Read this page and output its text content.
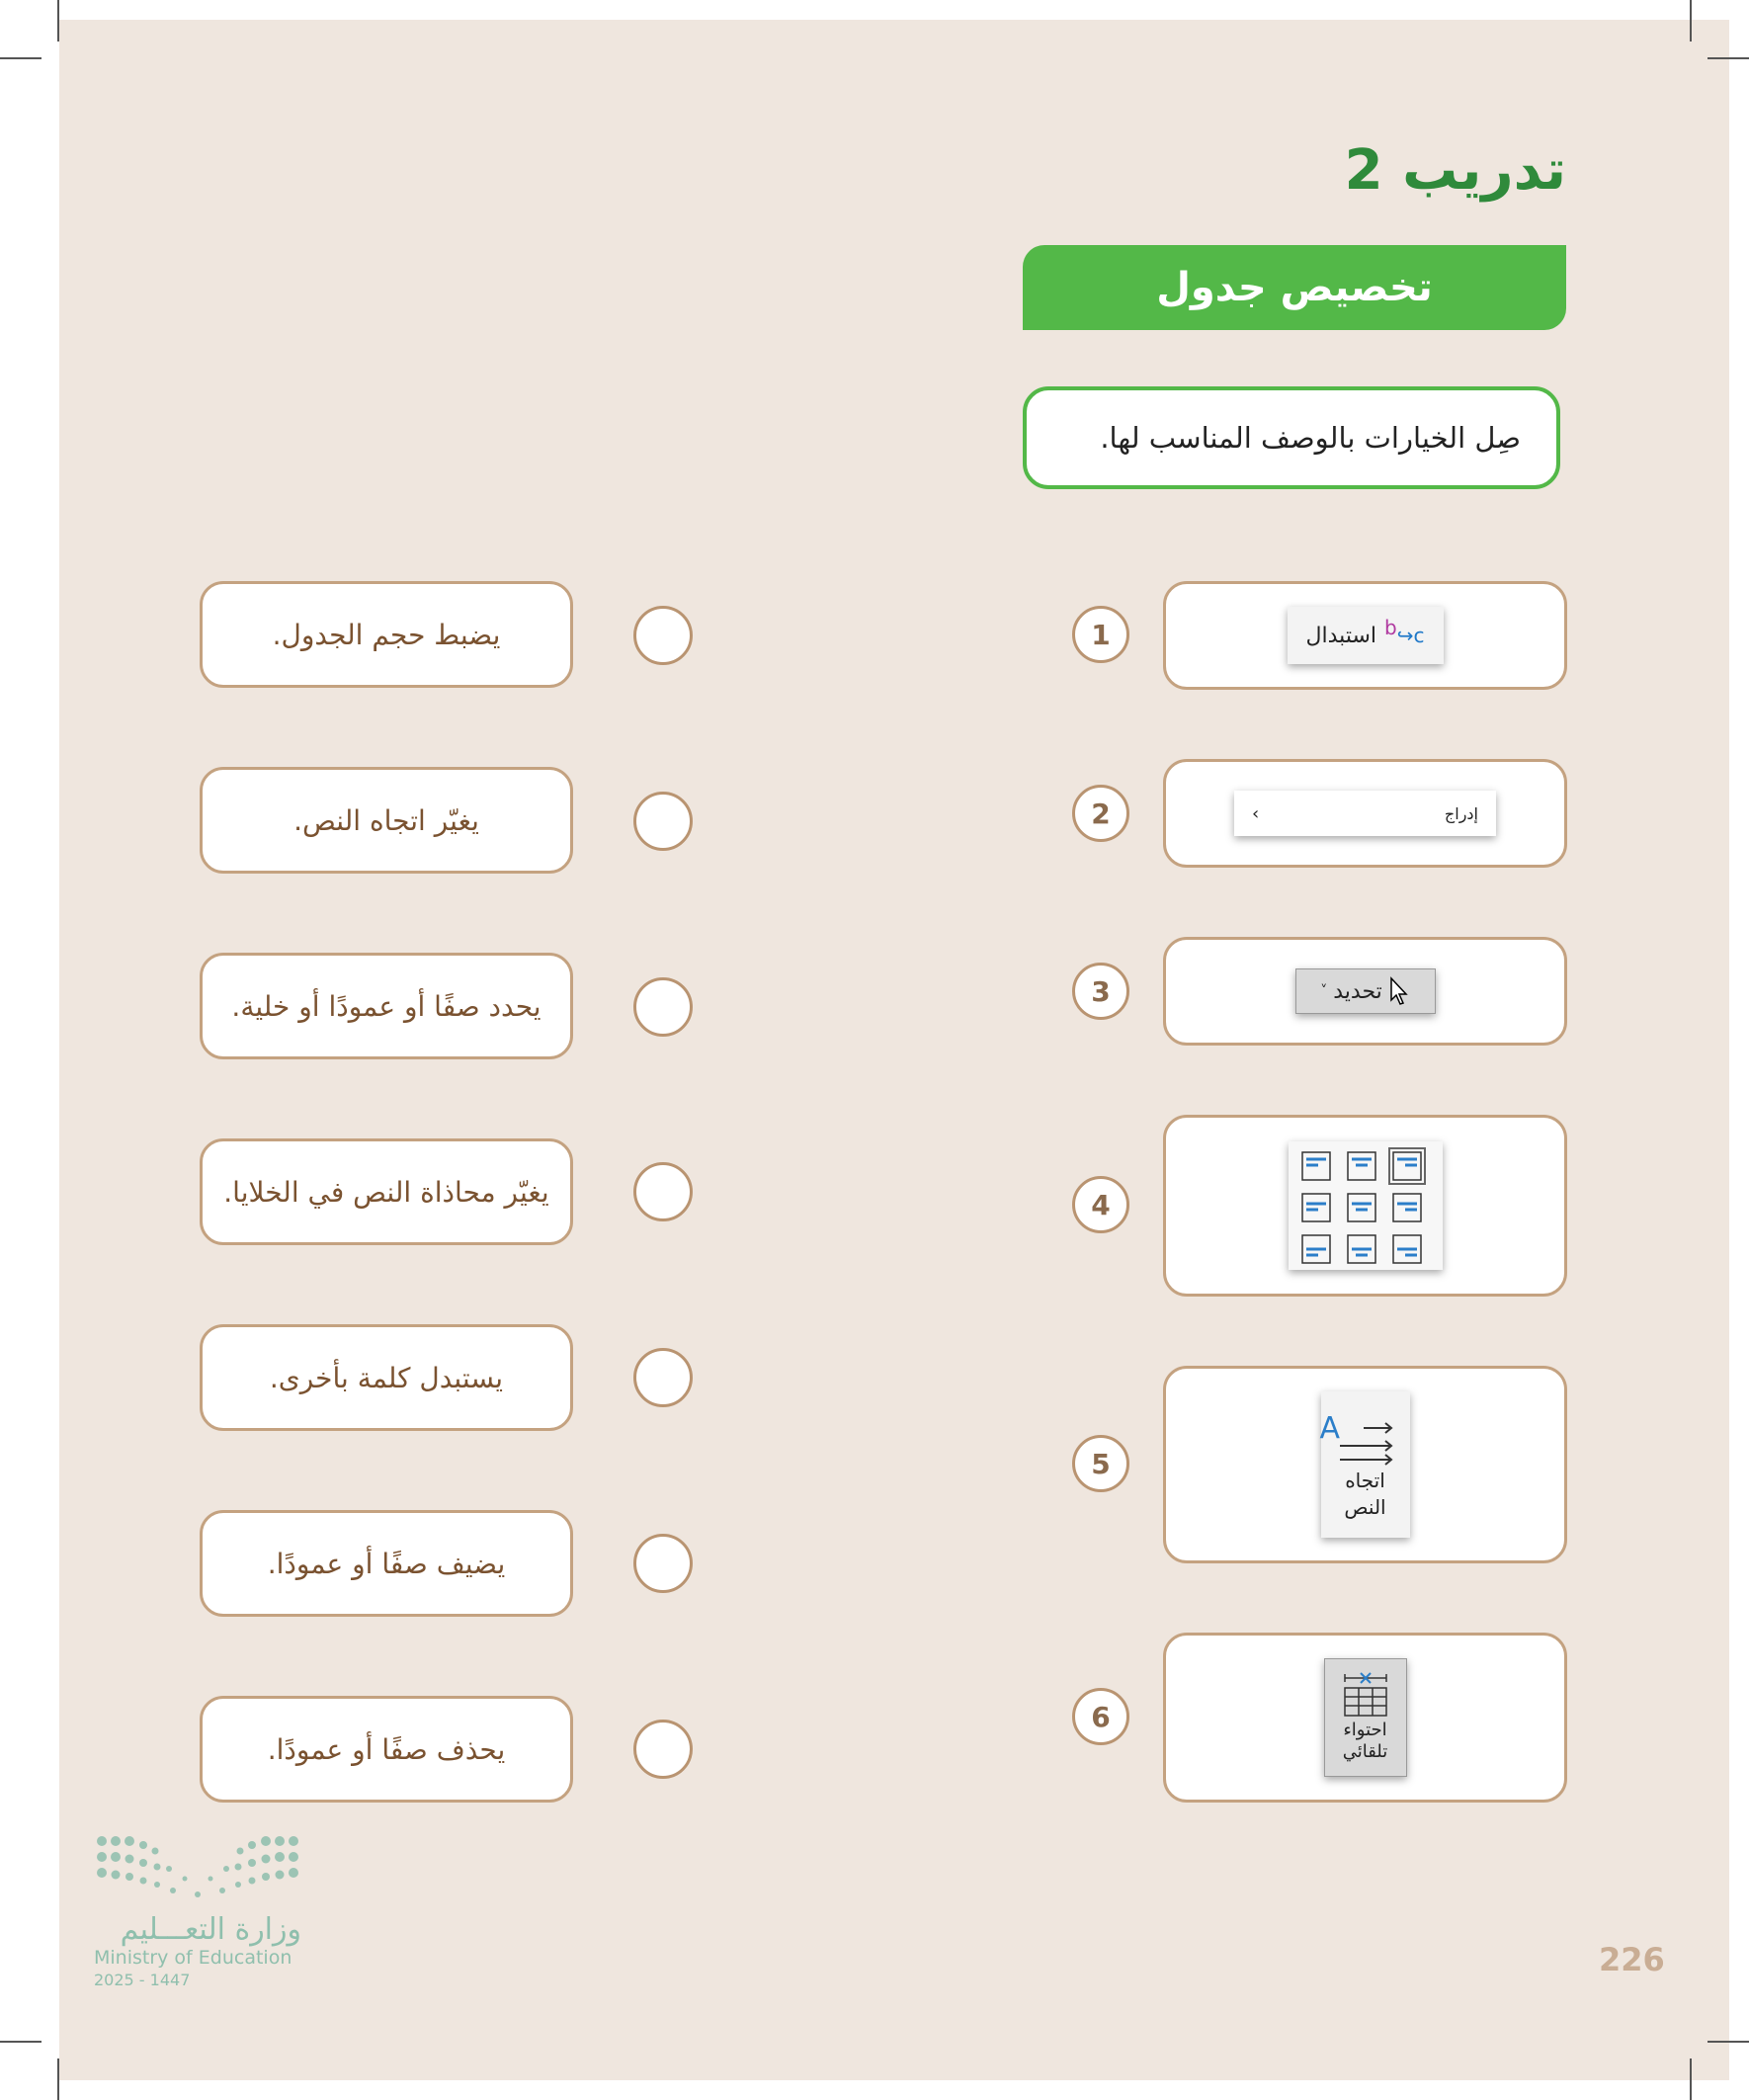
تدريب 2
تخصيص جدول
صِل الخيارات بالوصف المناسب لها.
b↪c
استبدال
1
إدراج
›
2
تحديد
˅
3
4
A
اتجاه النص
5
احتواء تلقائي
6
يضبط حجم الجدول.
يغيّر اتجاه النص.
يحدد صفًا أو عمودًا أو خلية.
يغيّر محاذاة النص في الخلايا.
يستبدل كلمة بأخرى.
يضيف صفًا أو عمودًا.
يحذف صفًا أو عمودًا.
226
وزارة التعـــليم
Ministry of Education
2025 - 1447
